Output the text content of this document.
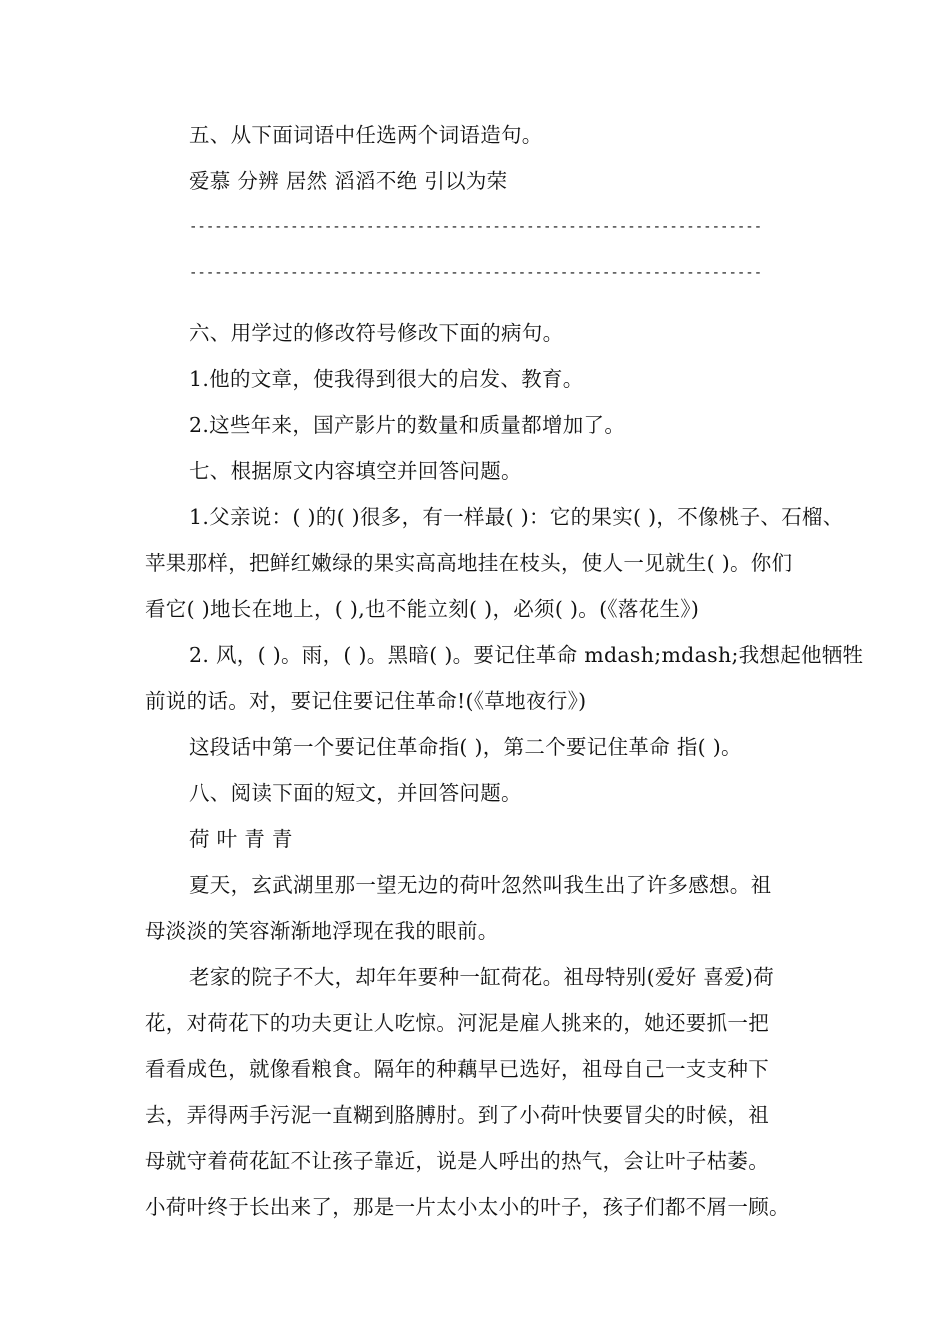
五、从下面词语中任选两个词语造句。
爱慕 分辨 居然 滔滔不绝 引以为荣
--------------------------------------------------------------------
--------------------------------------------------------------------
六、用学过的修改符号修改下面的病句。
1.他的文章，使我得到很大的启发、教育。
2.这些年来，国产影片的数量和质量都增加了。
七、根据原文内容填空并回答问题。
1.父亲说：( )的( )很多，有一样最( )：它的果实( )，不像桃子、石榴、
苹果那样，把鲜红嫩绿的果实高高地挂在枝头，使人一见就生( )。你们
看它( )地长在地上，( ),也不能立刻( )，必须( )。(《落花生》)
2. 风，( )。雨，( )。黑暗( )。要记住革命 mdash;mdash;我想起他牺牲
前说的话。对，要记住要记住革命!(《草地夜行》)
这段话中第一个要记住革命指( )，第二个要记住革命 指( )。
八、阅读下面的短文，并回答问题。
荷 叶 青 青
夏天，玄武湖里那一望无边的荷叶忽然叫我生出了许多感想。祖
母淡淡的笑容渐渐地浮现在我的眼前。
老家的院子不大，却年年要种一缸荷花。祖母特别(爱好 喜爱)荷
花，对荷花下的功夫更让人吃惊。河泥是雇人挑来的，她还要抓一把
看看成色，就像看粮食。隔年的种藕早已选好，祖母自己一支支种下
去，弄得两手污泥一直糊到胳膊肘。到了小荷叶快要冒尖的时候，祖
母就守着荷花缸不让孩子靠近，说是人呼出的热气，会让叶子枯萎。
小荷叶终于长出来了，那是一片太小太小的叶子，孩子们都不屑一顾。
